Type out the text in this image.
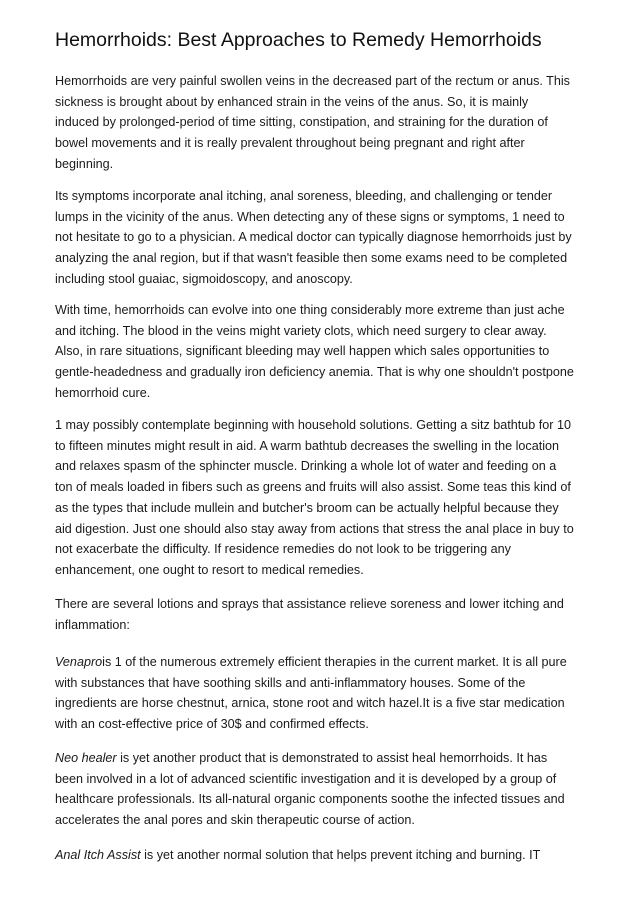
Hemorrhoids: Best Approaches to Remedy Hemorrhoids

Hemorrhoids are very painful swollen veins in the decreased part of the rectum or anus. This
sickness is brought about by enhanced strain in the veins of the anus. So, it is mainly
induced by prolonged-period of time sitting, constipation, and straining for the duration of
bowel movements and it is really prevalent throughout being pregnant and right after
beginning.

Its symptoms incorporate anal itching, anal soreness, bleeding, and challenging or tender
lumps in the vicinity of the anus. When detecting any of these signs or symptoms, 1 need to
not hesitate to go to a physician. A medical doctor can typically diagnose hemorrhoids just by
analyzing the anal region, but if that wasn't feasible then some exams need to be completed
including stool guaiac, sigmoidoscopy, and anoscopy.

With time, hemorrhoids can evolve into one thing considerably more extreme than just ache
and itching. The blood in the veins might variety clots, which need surgery to clear away.
Also, in rare situations, significant bleeding may well happen which sales opportunities to
gentle-headedness and gradually iron deficiency anemia. That is why one shouldn't postpone
hemorrhoid cure.

1 may possibly contemplate beginning with household solutions. Getting a sitz bathtub for 10
to fifteen minutes might result in aid. A warm bathtub decreases the swelling in the location
and relaxes spasm of the sphincter muscle. Drinking a whole lot of water and feeding on a
ton of meals loaded in fibers such as greens and fruits will also assist. Some teas this kind of
as the types that include mullein and butcher's broom can be actually helpful because they
aid digestion. Just one should also stay away from actions that stress the anal place in buy to
not exacerbate the difficulty. If residence remedies do not look to be triggering any
enhancement, one ought to resort to medical remedies.

There are several lotions and sprays that assistance relieve soreness and lower itching and
inflammation:

Venaprois 1 of the numerous extremely efficient therapies in the current market. It is all pure
with substances that have soothing skills and anti-inflammatory houses. Some of the
ingredients are horse chestnut, arnica, stone root and witch hazel.It is a five star medication
with an cost-effective price of 30$ and confirmed effects.

Neo healer is yet another product that is demonstrated to assist heal hemorrhoids. It has
been involved in a lot of advanced scientific investigation and it is developed by a group of
healthcare professionals. Its all-natural organic components soothe the infected tissues and
accelerates the anal pores and skin therapeutic course of action.

Anal Itch Assist is yet another normal solution that helps prevent itching and burning. IT
